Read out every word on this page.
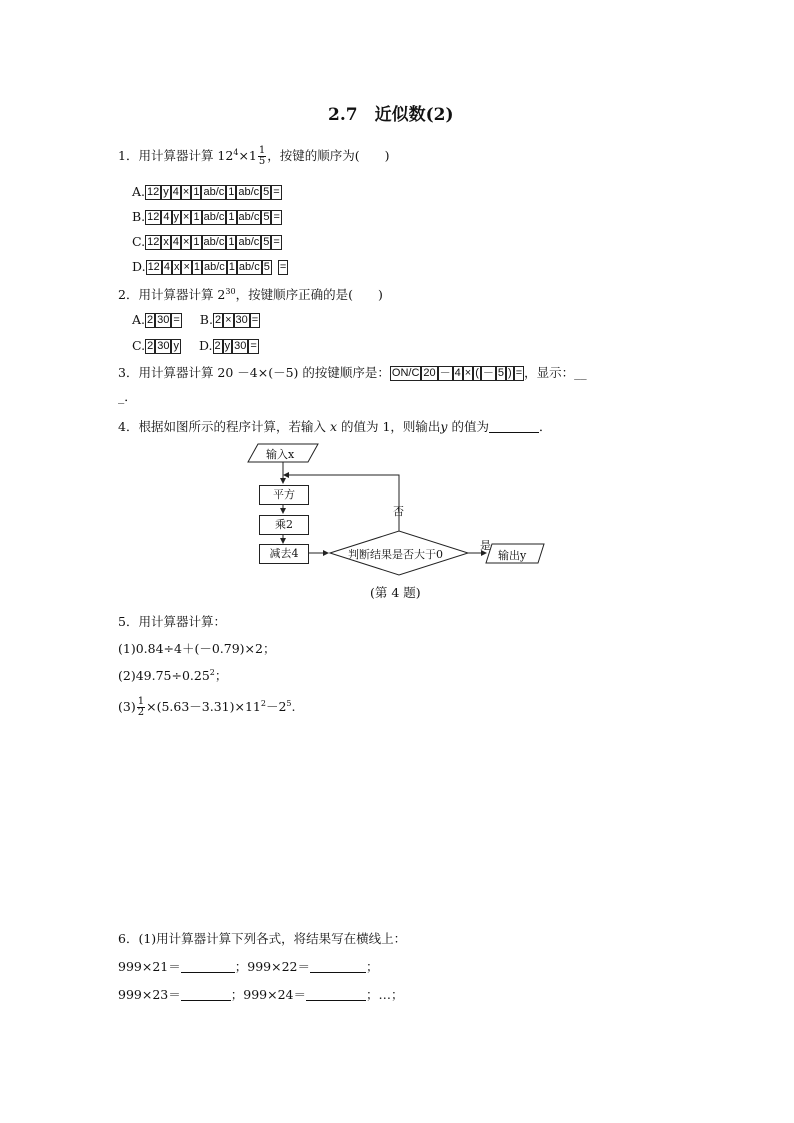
2.7　近似数(2)
1．用计算器计算 $12^4\times 1 \frac{1}{5}$ ，按键的顺序为(　　)
A. 12 y 4 × 1 ab/c 1 ab/c 5 =
B. 12 4 y × 1 ab/c 1 ab/c 5 =
C. 12 x 4 × 1 ab/c 1 ab/c 5 =
D. 12 4 x × 1 ab/c 1 ab/c 5 =
2．用计算器计算 $2^{30}$，按键顺序正确的是(　　)
A. 2 30 = B. 2 × 30 =
C. 2 30 y D. 2 y 30 =
3．用计算器计算 20 －4×(－5) 的按键顺序是： ON/C 20 － 4 × ( － 5 ) = ，显示：__
_．
4．根据如图所示的程序计算，若输入 x 的值为 1，则输出y 的值为	．
输入x
平方
乘2
减去4	判断结果是否大于0
否
是
输出y
(第 4 题)
5．用计算器计算：
(1)0.84÷4＋(－0.79)×2；
$(2)49.75\div 0.25^2$；
$(3) \frac{1}{2} \times(5.63-3.31)\times 11^2-2^5$.
6．(1)用计算器计算下列各式，将结果写在横线上：
999×21＝	；999×22＝	；
999×23＝	；999×24＝	；…；
